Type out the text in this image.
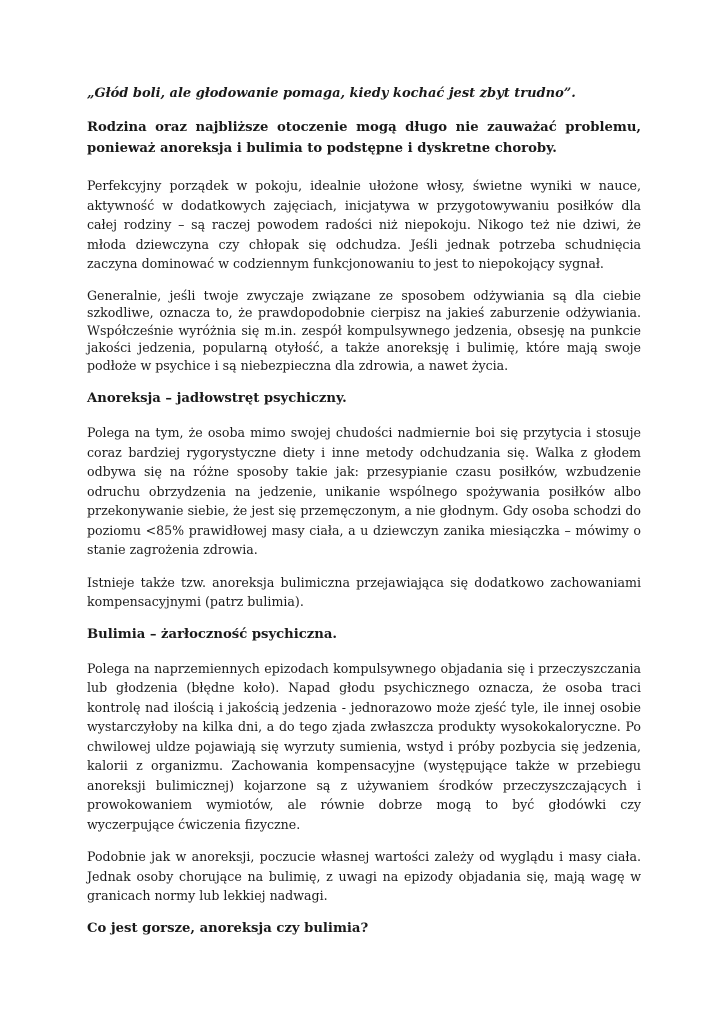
„Głód boli, ale głodowanie pomaga, kiedy kochać jest zbyt trudno”.

Rodzina oraz najbliższe otoczenie mogą długo nie zauważać problemu, ponieważ anoreksja i bulimia to podstępne i dyskretne choroby.

Perfekcyjny porządek w pokoju, idealnie ułożone włosy, świetne wyniki w nauce, aktywność w dodatkowych zajęciach, inicjatywa w przygotowywaniu posiłków dla całej rodziny – są raczej powodem radości niż niepokoju. Nikogo też nie dziwi, że młoda dziewczyna czy chłopak się odchudza. Jeśli jednak potrzeba schudnięcia zaczyna dominować w codziennym funkcjonowaniu to jest to niepokojący sygnał.

Generalnie, jeśli twoje zwyczaje związane ze sposobem odżywiania są dla ciebie szkodliwe, oznacza to, że prawdopodobnie cierpisz na jakieś zaburzenie odżywiania. Współcześnie wyróżnia się m.in. zespół kompulsywnego jedzenia, obsesję na punkcie jakości jedzenia, popularną otyłość, a także anoreksję i bulimię, które mają swoje podłoże w psychice i są niebezpieczna dla zdrowia, a nawet życia.

Anoreksja – jadłowstręt psychiczny.

Polega na tym, że osoba mimo swojej chudości nadmiernie boi się przytycia i stosuje coraz bardziej rygorystyczne diety i inne metody odchudzania się. Walka z głodem odbywa się na różne sposoby takie jak: przesypianie czasu posiłków, wzbudzenie odruchu obrzydzenia na jedzenie, unikanie wspólnego spożywania posiłków albo przekonywanie siebie, że jest się przemęczonym, a nie głodnym. Gdy osoba schodzi do poziomu <85% prawidłowej masy ciała, a u dziewczyn zanika miesiączka – mówimy o stanie zagrożenia zdrowia.

Istnieje także tzw. anoreksja bulimiczna przejawiająca się dodatkowo zachowaniami kompensacyjnymi (patrz bulimia).

Bulimia – żarłoczność psychiczna.

Polega na naprzemiennych epizodach kompulsywnego objadania się i przeczyszczania lub głodzenia (błędne koło). Napad głodu psychicznego oznacza, że osoba traci kontrolę nad ilością i jakością jedzenia - jednorazowo może zjeść tyle, ile innej osobie wystarczyłoby na kilka dni, a do tego zjada zwłaszcza produkty wysokokaloryczne. Po chwilowej uldze pojawiają się wyrzuty sumienia, wstyd i próby pozbycia się jedzenia, kalorii z organizmu. Zachowania kompensacyjne (występujące także w przebiegu anoreksji bulimicznej) kojarzone są z używaniem środków przeczyszczających i prowokowaniem wymiotów, ale równie dobrze mogą to być głodówki czy wyczerpujące ćwiczenia fizyczne.

Podobnie jak w anoreksji, poczucie własnej wartości zależy od wyglądu i masy ciała. Jednak osoby chorujące na bulimię, z uwagi na epizody objadania się, mają wagę w granicach normy lub lekkiej nadwagi.

Co jest gorsze, anoreksja czy bulimia?
